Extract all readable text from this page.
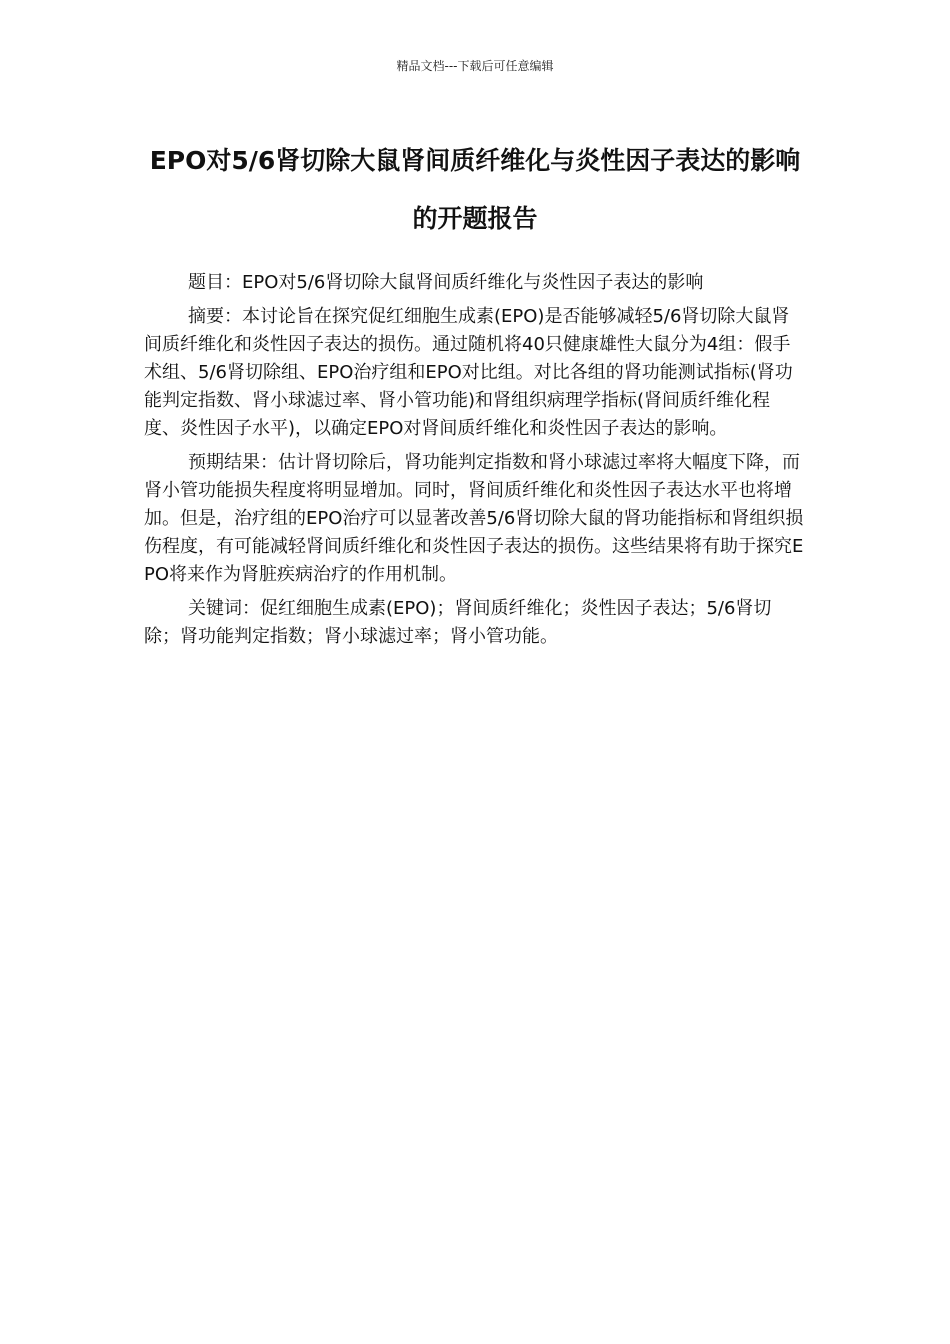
精品文档---下载后可任意编辑
EPO对5/6肾切除大鼠肾间质纤维化与炎性因子表达的影响的开题报告

题目：EPO对5/6肾切除大鼠肾间质纤维化与炎性因子表达的影响

摘要：本讨论旨在探究促红细胞生成素(EPO)是否能够减轻5/6肾切除大鼠肾间质纤维化和炎性因子表达的损伤。通过随机将40只健康雄性大鼠分为4组：假手术组、5/6肾切除组、EPO治疗组和EPO对比组。对比各组的肾功能测试指标(肾功能判定指数、肾小球滤过率、肾小管功能)和肾组织病理学指标(肾间质纤维化程度、炎性因子水平)，以确定EPO对肾间质纤维化和炎性因子表达的影响。

预期结果：估计肾切除后，肾功能判定指数和肾小球滤过率将大幅度下降，而肾小管功能损失程度将明显增加。同时，肾间质纤维化和炎性因子表达水平也将增加。但是，治疗组的EPO治疗可以显著改善5/6肾切除大鼠的肾功能指标和肾组织损伤程度，有可能减轻肾间质纤维化和炎性因子表达的损伤。这些结果将有助于探究EPO将来作为肾脏疾病治疗的作用机制。

关键词：促红细胞生成素(EPO)；肾间质纤维化；炎性因子表达；5/6肾切除；肾功能判定指数；肾小球滤过率；肾小管功能。
